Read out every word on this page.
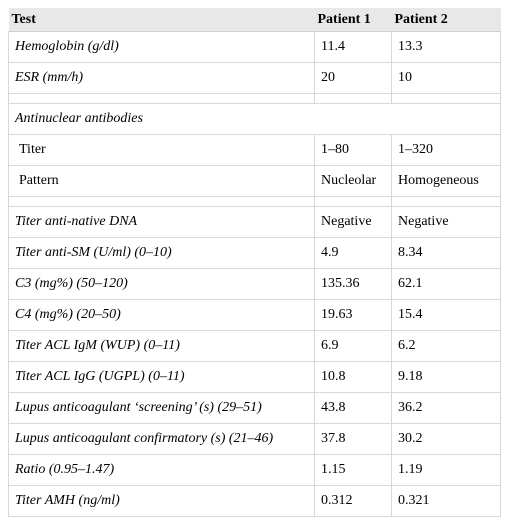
Test	Patient 1	Patient 2
Hemoglobin (g/dl)	11.4	13.3
ESR (mm/h)	20	10

Antinuclear antibodies		
Titer	1–80	1–320
Pattern	Nucleolar	Homogeneous

Titer anti-native DNA	Negative	Negative
Titer anti-SM (U/ml) (0–10)	4.9	8.34
C3 (mg%) (50–120)	135.36	62.1
C4 (mg%) (20–50)	19.63	15.4
Titer ACL IgM (WUP) (0–11)	6.9	6.2
Titer ACL IgG (UGPL) (0–11)	10.8	9.18
Lupus anticoagulant ‘screening’ (s) (29–51)	43.8	36.2
Lupus anticoagulant confirmatory (s) (21–46)	37.8	30.2
Ratio (0.95–1.47)	1.15	1.19
Titer AMH (ng/ml)	0.312	0.321
